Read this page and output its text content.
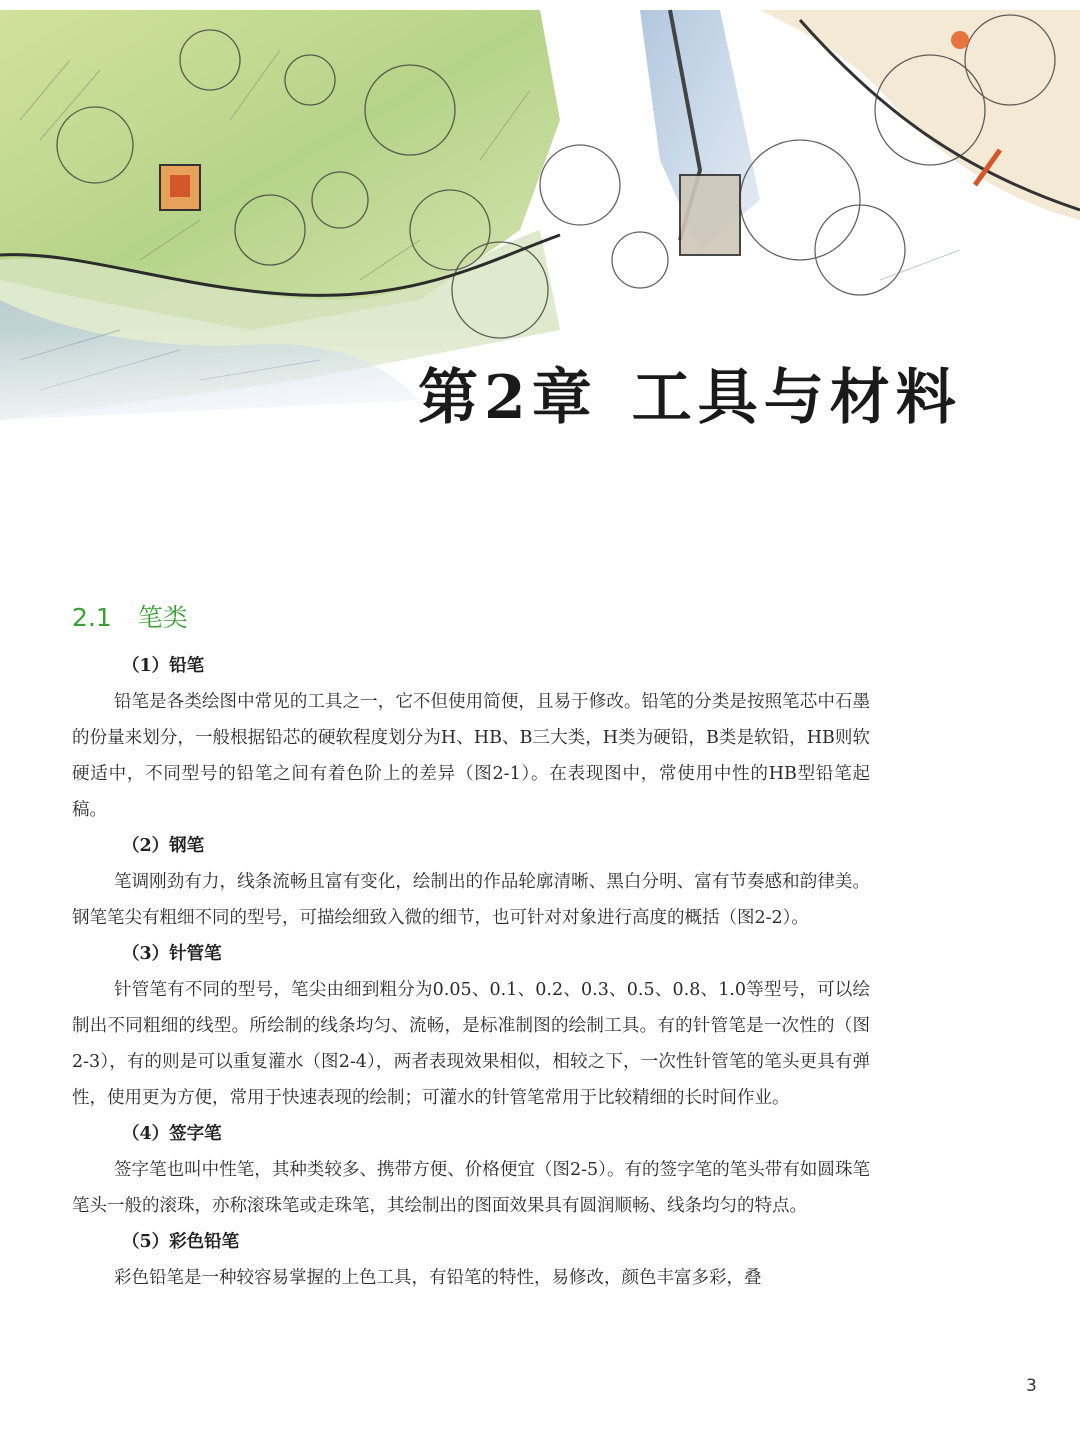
第2章 工具与材料
2.1 笔类
（1）铅笔
铅笔是各类绘图中常见的工具之一，它不但使用简便，且易于修改。铅笔的分类是按照笔芯中石墨的份量来划分，一般根据铅芯的硬软程度划分为H、HB、B三大类，H类为硬铅，B类是软铅，HB则软硬适中，不同型号的铅笔之间有着色阶上的差异（图2-1）。在表现图中，常使用中性的HB型铅笔起稿。
（2）钢笔
笔调刚劲有力，线条流畅且富有变化，绘制出的作品轮廓清晰、黑白分明、富有节奏感和韵律美。钢笔笔尖有粗细不同的型号，可描绘细致入微的细节，也可针对对象进行高度的概括（图2-2）。
（3）针管笔
针管笔有不同的型号，笔尖由细到粗分为0.05、0.1、0.2、0.3、0.5、0.8、1.0等型号，可以绘制出不同粗细的线型。所绘制的线条均匀、流畅，是标准制图的绘制工具。有的针管笔是一次性的（图2-3），有的则是可以重复灌水（图2-4），两者表现效果相似，相较之下，一次性针管笔的笔头更具有弹性，使用更为方便，常用于快速表现的绘制；可灌水的针管笔常用于比较精细的长时间作业。
（4）签字笔
签字笔也叫中性笔，其种类较多、携带方便、价格便宜（图2-5）。有的签字笔的笔头带有如圆珠笔笔头一般的滚珠，亦称滚珠笔或走珠笔，其绘制出的图面效果具有圆润顺畅、线条均匀的特点。
（5）彩色铅笔
彩色铅笔是一种较容易掌握的上色工具，有铅笔的特性，易修改，颜色丰富多彩，叠
3
